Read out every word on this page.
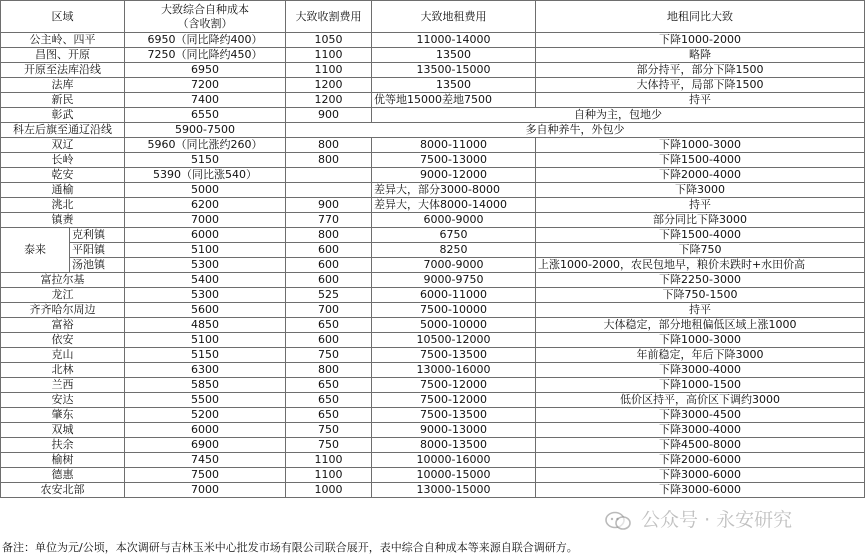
区域		大致综合自种成本
（含收割）	大致收割费用	大致地租费用	地租同比大致
公主岭、四平		6950（同比降约400）	1050	11000-14000	下降1000-2000
昌图、开原		7250（同比降约450）	1100	13500	略降
开原至法库沿线		6950	1100	13500-15000	部分持平，部分下降1500
法库		7200	1200	13500	大体持平，局部下降1500
新民		7400	1200	优等地15000差地7500	持平
彰武		6550	900	自种为主，包地少	
科左后旗至通辽沿线		5900-7500	多自种养牛，外包少		
双辽		5960（同比涨约260）	800	8000-11000	下降1000-3000
长岭		5150	800	7500-13000	下降1500-4000
乾安		5390（同比涨540）		9000-12000	下降2000-4000
通榆		5000		差异大，部分3000-8000	下降3000
洮北		6200	900	差异大，大体8000-14000	持平
镇赉		7000	770	6000-9000	部分同比下降3000
泰来	克利镇	6000	800	6750	下降1500-4000
	平阳镇	5100	600	8250	下降750
	汤池镇	5300	600	7000-9000	上涨1000-2000，农民包地早，粮价未跌时+水田价高
富拉尔基		5400	600	9000-9750	下降2250-3000
龙江		5300	525	6000-11000	下降750-1500
齐齐哈尔周边		5600	700	7500-10000	持平
富裕		4850	650	5000-10000	大体稳定，部分地租偏低区域上涨1000
依安		5100	600	10500-12000	下降1000-3000
克山		5150	750	7500-13500	年前稳定，年后下降3000
北林		6300	800	13000-16000	下降3000-4000
兰西		5850	650	7500-12000	下降1000-1500
安达		5500	650	7500-12000	低价区持平，高价区下调约3000
肇东		5200	650	7500-13500	下降3000-4500
双城		6000	750	9000-13000	下降3000-4000
扶余		6900	750	8000-13500	下降4500-8000
榆树		7450	1100	10000-16000	下降2000-6000
德惠		7500	1100	10000-15000	下降3000-6000
农安北部		7000	1000	13000-15000	下降3000-6000
备注：单位为元/公顷，本次调研与吉林玉米中心批发市场有限公司联合展开，表中综合自种成本等来源自联合调研方。
公众号 · 永安研究
